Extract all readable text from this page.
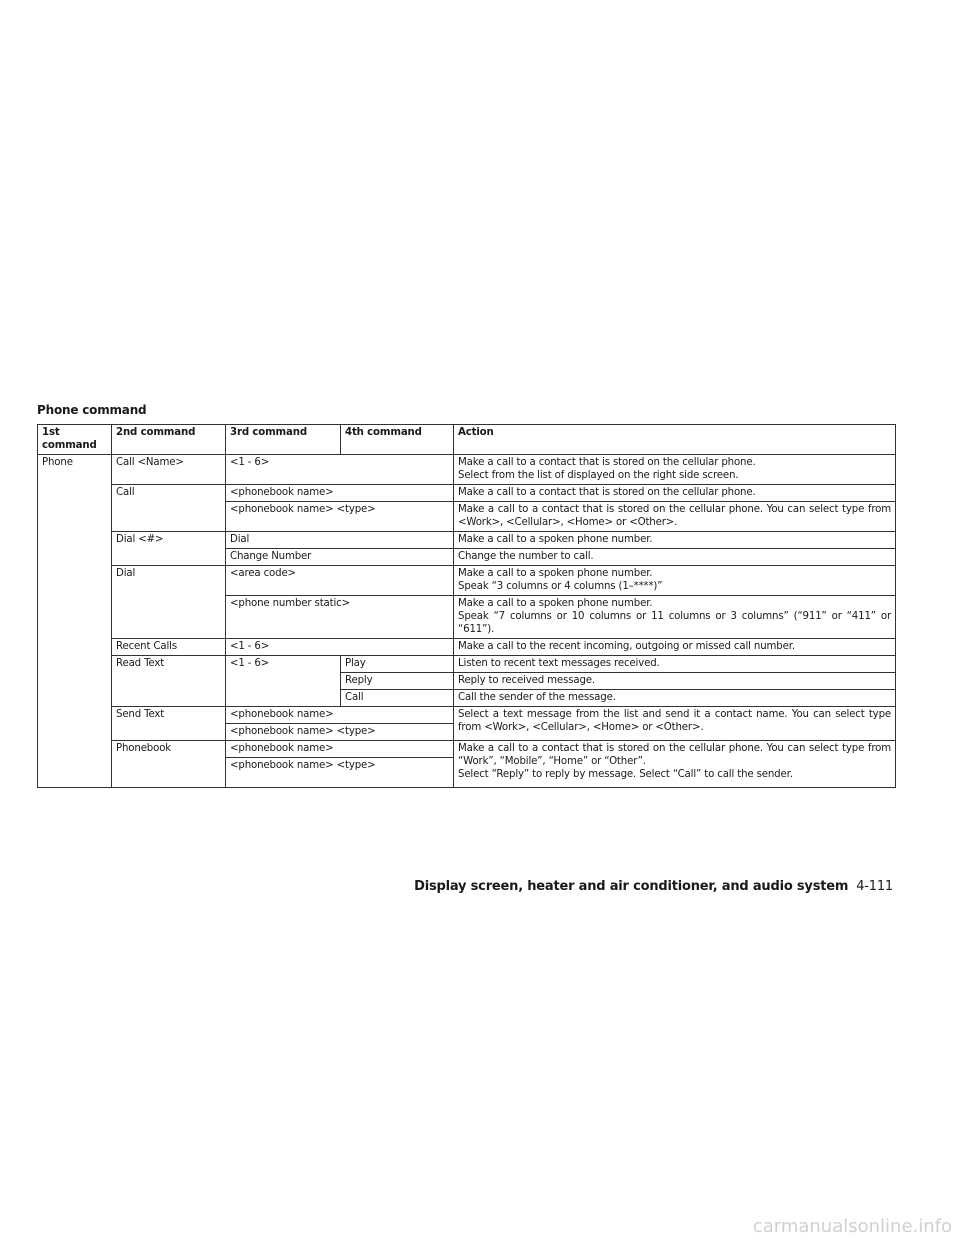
Phone command
1st command	2nd command	3rd command	4th command	Action
Phone	Call <Name>	<1 - 6>		Make a call to a contact that is stored on the cellular phone.
Select from the list of displayed on the right side screen.

	Call	<phonebook name>		Make a call to a contact that is stored on the cellular phone.
		<phonebook name> <type>		Make a call to a contact that is stored on the cellular phone. You can select type from <Work>, <Cellular>, <Home> or <Other>.
	Dial <#>	Dial		Make a call to a spoken phone number.
		Change Number		Change the number to call.
	Dial	<area code>		Make a call to a spoken phone number.
Speak “3 columns or 4 columns (1–****)”

		<phone number static>		Make a call to a spoken phone number.
Speak “7 columns or 10 columns or 11 columns or 3 columns” (“911” or “411” or “611”).

	Recent Calls	<1 - 6>		Make a call to the recent incoming, outgoing or missed call number.
	Read Text	<1 - 6>	Play	Listen to recent text messages received.
			Reply	Reply to received message.
			Call	Call the sender of the message.
	Send Text	<phonebook name>		Select a text message from the list and send it a contact name. You can select type from <Work>, <Cellular>, <Home> or <Other>.
		<phonebook name> <type>		
	Phonebook	<phonebook name>		Make a call to a contact that is stored on the cellular phone. You can select type from “Work”, “Mobile”, “Home” or “Other”.
Select “Reply” to reply by message. Select “Call” to call the sender.

		<phonebook name> <type>		
Display screen, heater and air conditioner, and audio system 4-111
carmanualsonline.info
